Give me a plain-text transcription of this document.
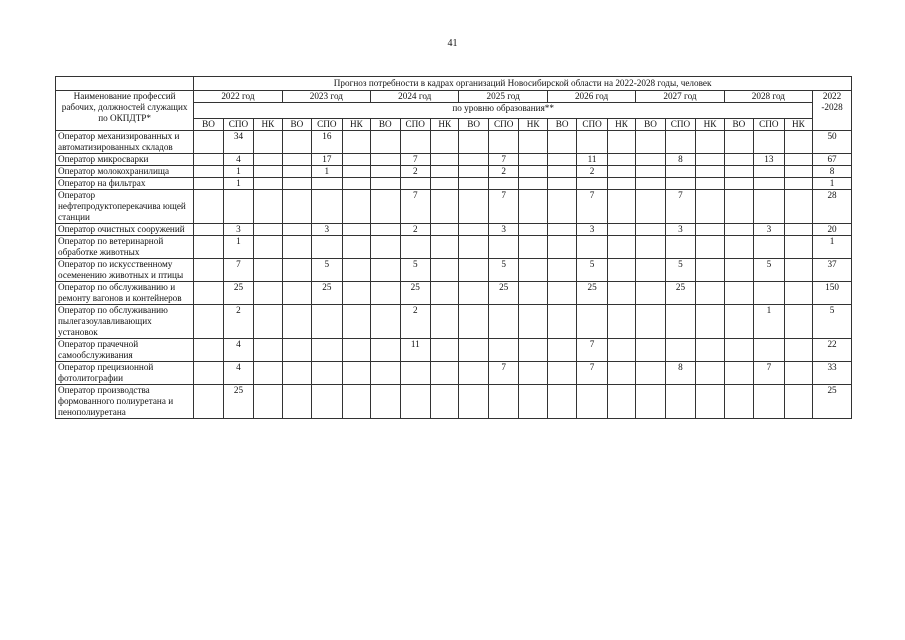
41
	Прогноз потребности в кадрах организаций Новосибирской области на 2022-2028 годы, человек																					
Наименование профессий рабочих, должностей служащих по ОКПДТР*	2022 год			2023 год			2024 год			2025 год			2026 год			2027 год			2028 год			2022 -2028
	по уровню образования**																					
	ВО	СПО	НК	ВО	СПО	НК	ВО	СПО	НК	ВО	СПО	НК	ВО	СПО	НК	ВО	СПО	НК	ВО	СПО	НК	
Оператор механизированных и автоматизированных складов		34			16																	50
Оператор микросварки		4			17			7			7			11			8			13		67
Оператор молокохранилища		1			1			2			2			2								8
Оператор на фильтрах		1																				1
Оператор нефтепродуктоперекачива ющей станции								7			7			7			7					28
Оператор очистных сооружений		3			3			2			3			3			3			3		20
Оператор по ветеринарной обработке животных		1																				1
Оператор по искусственному осеменению животных и птицы		7			5			5			5			5			5			5		37
Оператор по обслуживанию и ремонту вагонов и контейнеров		25			25			25			25			25			25					150
Оператор по обслуживанию пылегазоулавливающих установок		2						2												1		5
Оператор прачечной самообслуживания		4						11						7								22
Оператор прецизионной фотолитографии		4									7			7			8			7		33
Оператор производства формованного полиуретана и пенополиуретана		25																				25
